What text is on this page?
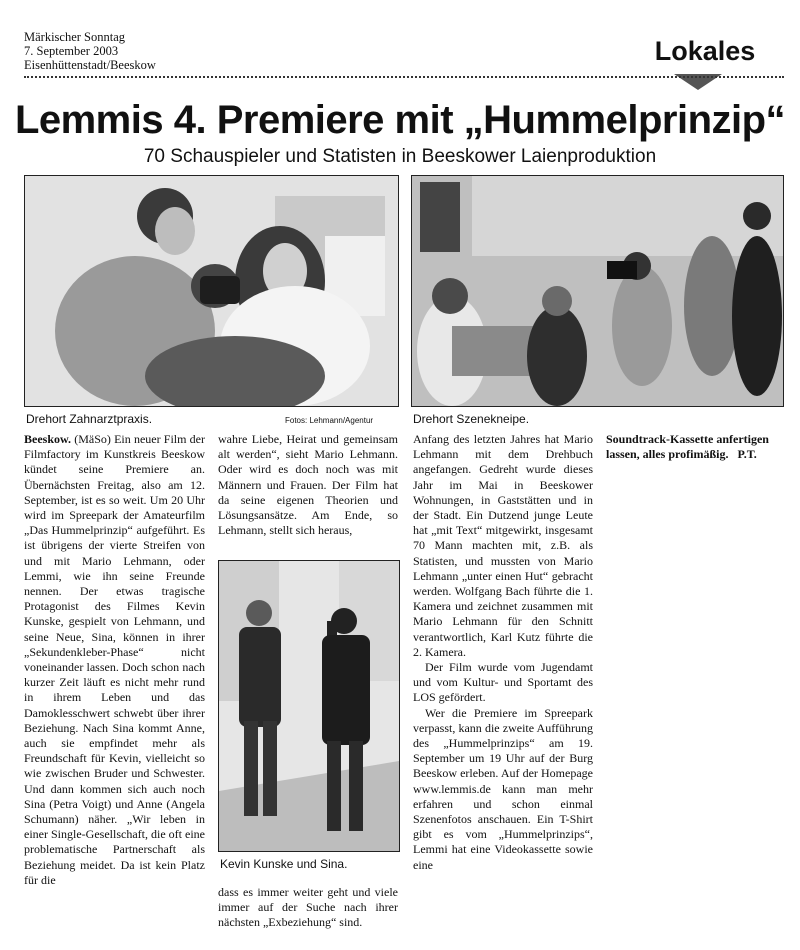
Märkischer Sonntag
7. September 2003
Eisenhüttenstadt/Beeskow	Lokales
Lemmis 4. Premiere mit „Hummelprinzip“
70 Schauspieler und Statisten in Beeskower Laienproduktion
Drehort Zahnarztpraxis.	Fotos: Lehmann/Agentur	Drehort Szenekneipe.

Beeskow. (MäSo) Ein neuer Film der Filmfactory im Kunstkreis Beeskow kündet seine Premiere an. Übernächsten Freitag, also am 12. September, ist es so weit. Um 20 Uhr wird im Spreepark der Amateurfilm „Das Hummelprinzip“ aufgeführt. Es ist übrigens der vierte Streifen von und mit Mario Lehmann, oder Lemmi, wie ihn seine Freunde nennen. Der etwas tragische Protagonist des Filmes Kevin Kunske, gespielt von Lehmann, und seine Neue, Sina, können in ihrer „Sekundenkleber-Phase“ nicht voneinander lassen. Doch schon nach kurzer Zeit läuft es nicht mehr rund in ihrem Leben und das Damoklesschwert schwebt über ihrer Beziehung. Nach Sina kommt Anne, auch sie empfindet mehr als Freundschaft für Kevin, vielleicht so wie zwischen Bruder und Schwester. Und dann kommen sich auch noch Sina (Petra Voigt) und Anne (Angela Schumann) näher. „Wir leben in einer Single-Gesellschaft, die oft eine problematische Partnerschaft als Beziehung meidet. Da ist kein Platz für die

wahre Liebe, Heirat und gemeinsam alt werden“, sieht Mario Lehmann. Oder wird es doch noch was mit Männern und Frauen. Der Film hat da seine eigenen Theorien und Lösungsansätze. Am Ende, so Lehmann, stellt sich heraus,

Kevin Kunske und Sina.

dass es immer weiter geht und viele immer auf der Suche nach ihrer nächsten „Exbeziehung“ sind.

Anfang des letzten Jahres hat Mario Lehmann mit dem Drehbuch angefangen. Gedreht wurde dieses Jahr im Mai in Beeskower Wohnungen, in Gaststätten und in der Stadt. Ein Dutzend junge Leute hat „mit Text“ mitgewirkt, insgesamt 70 Mann machten mit, z.B. als Statisten, und mussten von Mario Lehmann „unter einen Hut“ gebracht werden. Wolfgang Bach führte die 1. Kamera und zeichnet zusammen mit Mario Lehmann für den Schnitt verantwortlich, Karl Kutz führte die 2. Kamera.

Der Film wurde vom Jugendamt und vom Kultur- und Sportamt des LOS gefördert.

Wer die Premiere im Spreepark verpasst, kann die zweite Aufführung des „Hummelprinzips“ am 19. September um 19 Uhr auf der Burg Beeskow erleben. Auf der Homepage www.lemmis.de kann man mehr erfahren und schon einmal Szenenfotos anschauen. Ein T-Shirt gibt es vom „Hummelprinzips“, Lemmi hat eine Videokassette sowie eine

Soundtrack-Kassette anfertigen lassen, alles profimäßig. P.T.
